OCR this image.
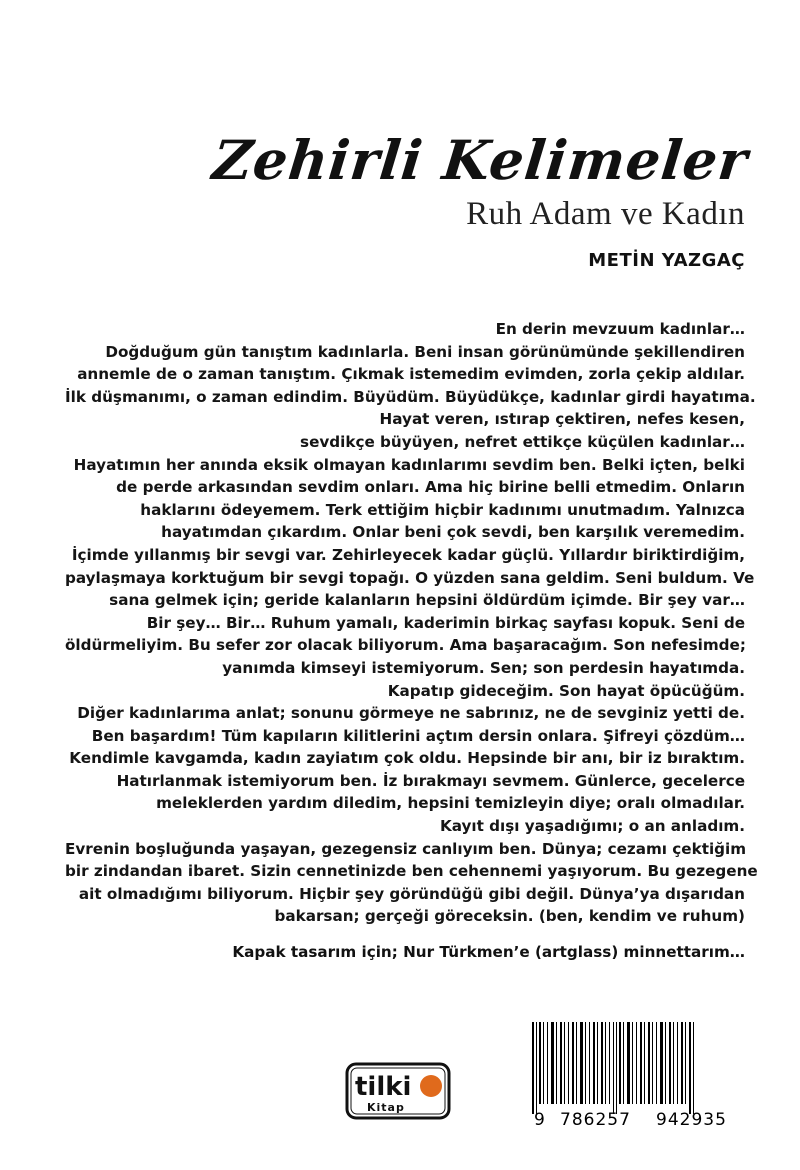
Zehirli Kelimeler
Ruh Adam ve Kadın
METİN YAZGAÇ
En derin mevzuum kadınlar…
Doğduğum gün tanıştım kadınlarla. Beni insan görünümünde şekillendiren
annemle de o zaman tanıştım. Çıkmak istemedim evimden, zorla çekip aldılar.
İlk düşmanımı, o zaman edindim. Büyüdüm. Büyüdükçe, kadınlar girdi hayatıma.
Hayat veren, ıstırap çektiren, nefes kesen,
sevdikçe büyüyen, nefret ettikçe küçülen kadınlar…
Hayatımın her anında eksik olmayan kadınlarımı sevdim ben. Belki içten, belki
de perde arkasından sevdim onları. Ama hiç birine belli etmedim. Onların
haklarını ödeyemem. Terk ettiğim hiçbir kadınımı unutmadım. Yalnızca
hayatımdan çıkardım. Onlar beni çok sevdi, ben karşılık veremedim.
İçimde yıllanmış bir sevgi var. Zehirleyecek kadar güçlü. Yıllardır biriktirdiğim,
paylaşmaya korktuğum bir sevgi topağı. O yüzden sana geldim. Seni buldum. Ve
sana gelmek için; geride kalanların hepsini öldürdüm içimde. Bir şey var…
Bir şey… Bir… Ruhum yamalı, kaderimin birkaç sayfası kopuk. Seni de
öldürmeliyim. Bu sefer zor olacak biliyorum. Ama başaracağım. Son nefesimde;
yanımda kimseyi istemiyorum. Sen; son perdesin hayatımda.
Kapatıp gideceğim. Son hayat öpücüğüm.
Diğer kadınlarıma anlat; sonunu görmeye ne sabrınız, ne de sevginiz yetti de.
Ben başardım! Tüm kapıların kilitlerini açtım dersin onlara. Şifreyi çözdüm…
Kendimle kavgamda, kadın zayiatım çok oldu. Hepsinde bir anı, bir iz bıraktım.
Hatırlanmak istemiyorum ben. İz bırakmayı sevmem. Günlerce, gecelerce
meleklerden yardım diledim, hepsini temizleyin diye; oralı olmadılar.
Kayıt dışı yaşadığımı; o an anladım.
Evrenin boşluğunda yaşayan, gezegensiz canlıyım ben. Dünya; cezamı çektiğim
bir zindandan ibaret. Sizin cennetinizde ben cehennemi yaşıyorum. Bu gezegene
ait olmadığımı biliyorum. Hiçbir şey göründüğü gibi değil. Dünya’ya dışarıdan
bakarsan; gerçeği göreceksin. (ben, kendim ve ruhum)
Kapak tasarım için; Nur Türkmen’e (artglass) minnettarım…
tilki
Kitap
9 786257 942935
